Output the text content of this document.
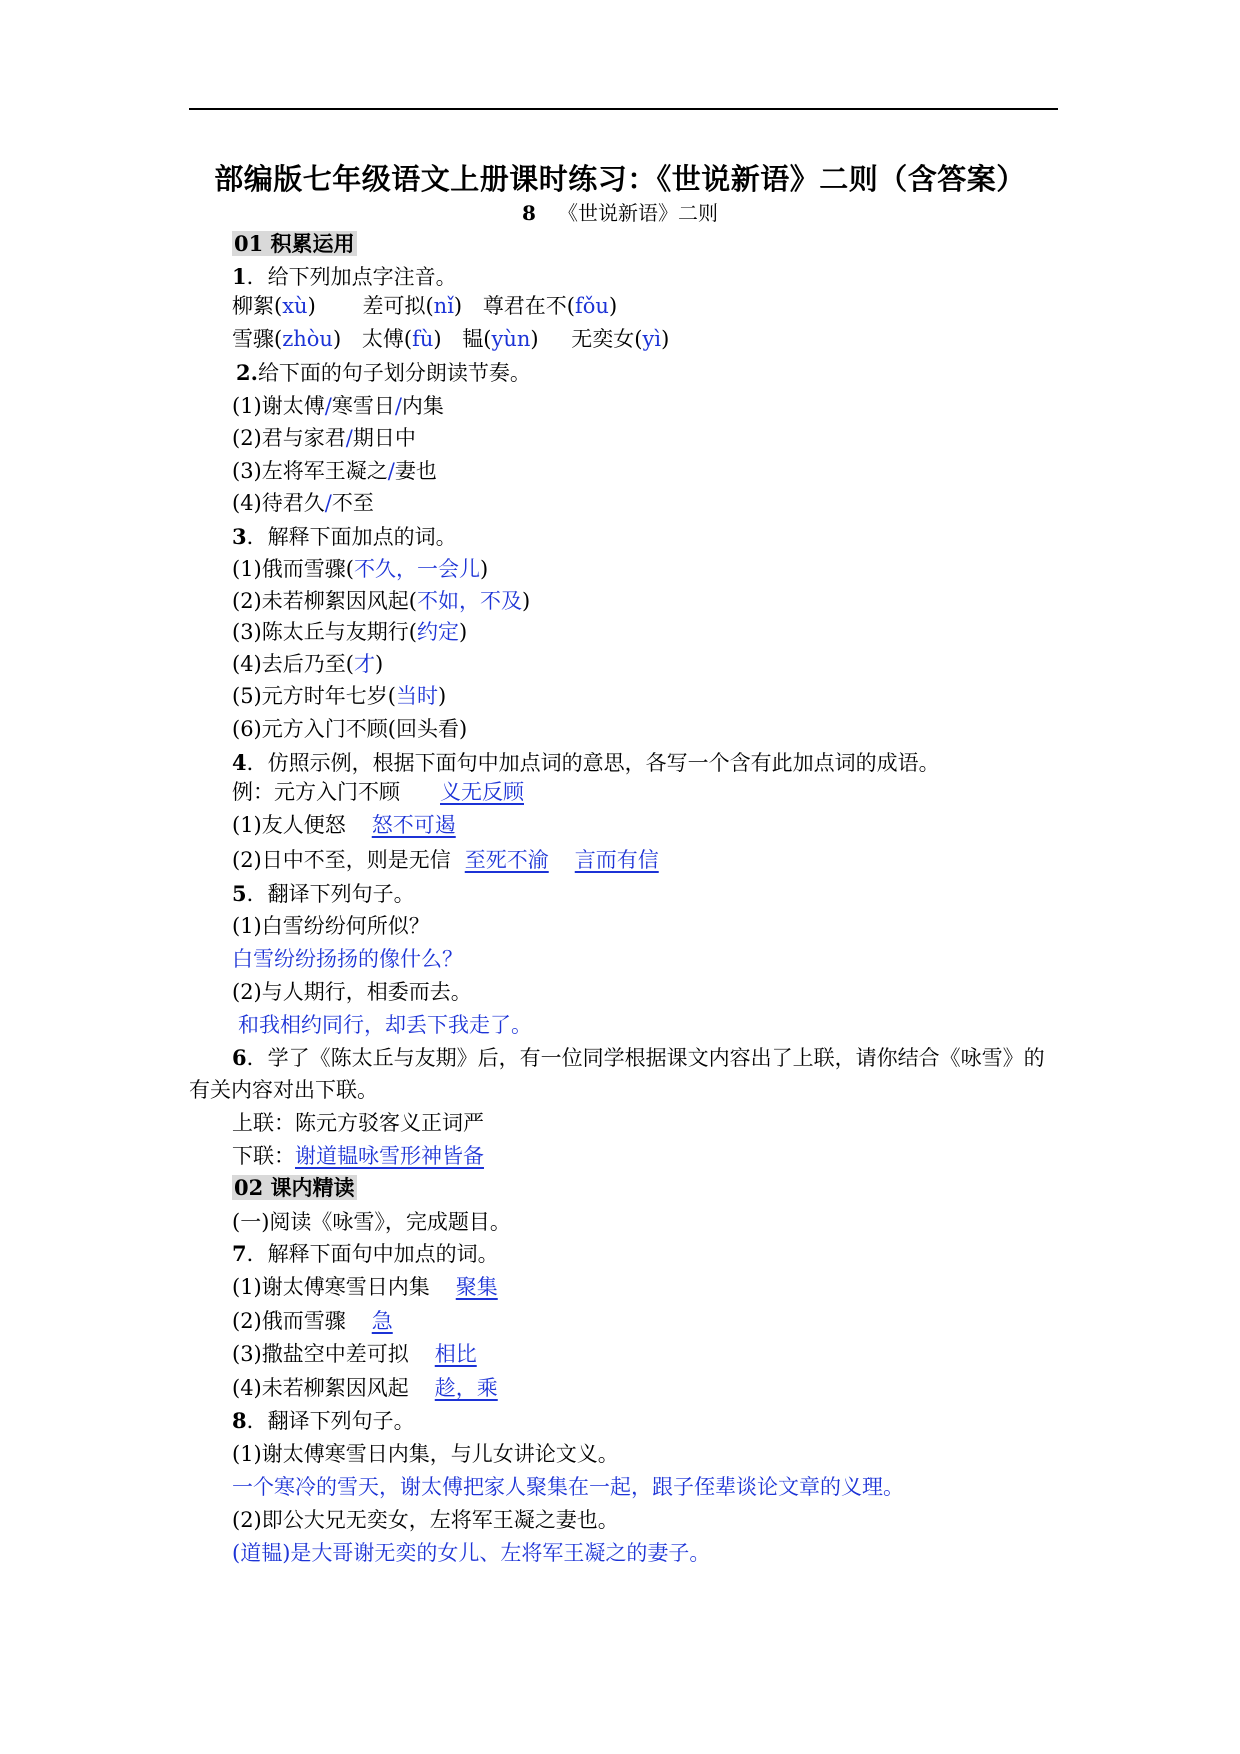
部编版七年级语文上册课时练习：《世说新语》二则（含答案）
8 《世说新语》二则
01 积累运用
1．给下列加点字注音。
柳絮(xù) 差可拟(nǐ) 尊君在不(fǒu)
雪骤(zhòu) 太傅(fù) 韫(yùn) 无奕女(yì)
2.给下面的句子划分朗读节奏。
(1)谢太傅/寒雪日/内集
(2)君与家君/期日中
(3)左将军王凝之/妻也
(4)待君久/不至
3．解释下面加点的词。
(1)俄而雪骤(不久，一会儿)
(2)未若柳絮因风起(不如，不及)
(3)陈太丘与友期行(约定)
(4)去后乃至(才)
(5)元方时年七岁(当时)
(6)元方入门不顾(回头看)
4．仿照示例，根据下面句中加点词的意思，各写一个含有此加点词的成语。
例：元方入门不顾 义无反顾
(1)友人便怒 怒不可遏
(2)日中不至，则是无信 至死不渝 言而有信
5．翻译下列句子。
(1)白雪纷纷何所似？
白雪纷纷扬扬的像什么？
(2)与人期行，相委而去。
和我相约同行，却丢下我走了。
6．学了《陈太丘与友期》后，有一位同学根据课文内容出了上联，请你结合《咏雪》的
有关内容对出下联。
上联：陈元方驳客义正词严
下联：谢道韫咏雪形神皆备
02 课内精读
(一)阅读《咏雪》，完成题目。
7．解释下面句中加点的词。
(1)谢太傅寒雪日内集 聚集
(2)俄而雪骤 急
(3)撒盐空中差可拟 相比
(4)未若柳絮因风起 趁，乘
8．翻译下列句子。
(1)谢太傅寒雪日内集，与儿女讲论文义。
一个寒冷的雪天，谢太傅把家人聚集在一起，跟子侄辈谈论文章的义理。
(2)即公大兄无奕女，左将军王凝之妻也。
(道韫)是大哥谢无奕的女儿、左将军王凝之的妻子。
